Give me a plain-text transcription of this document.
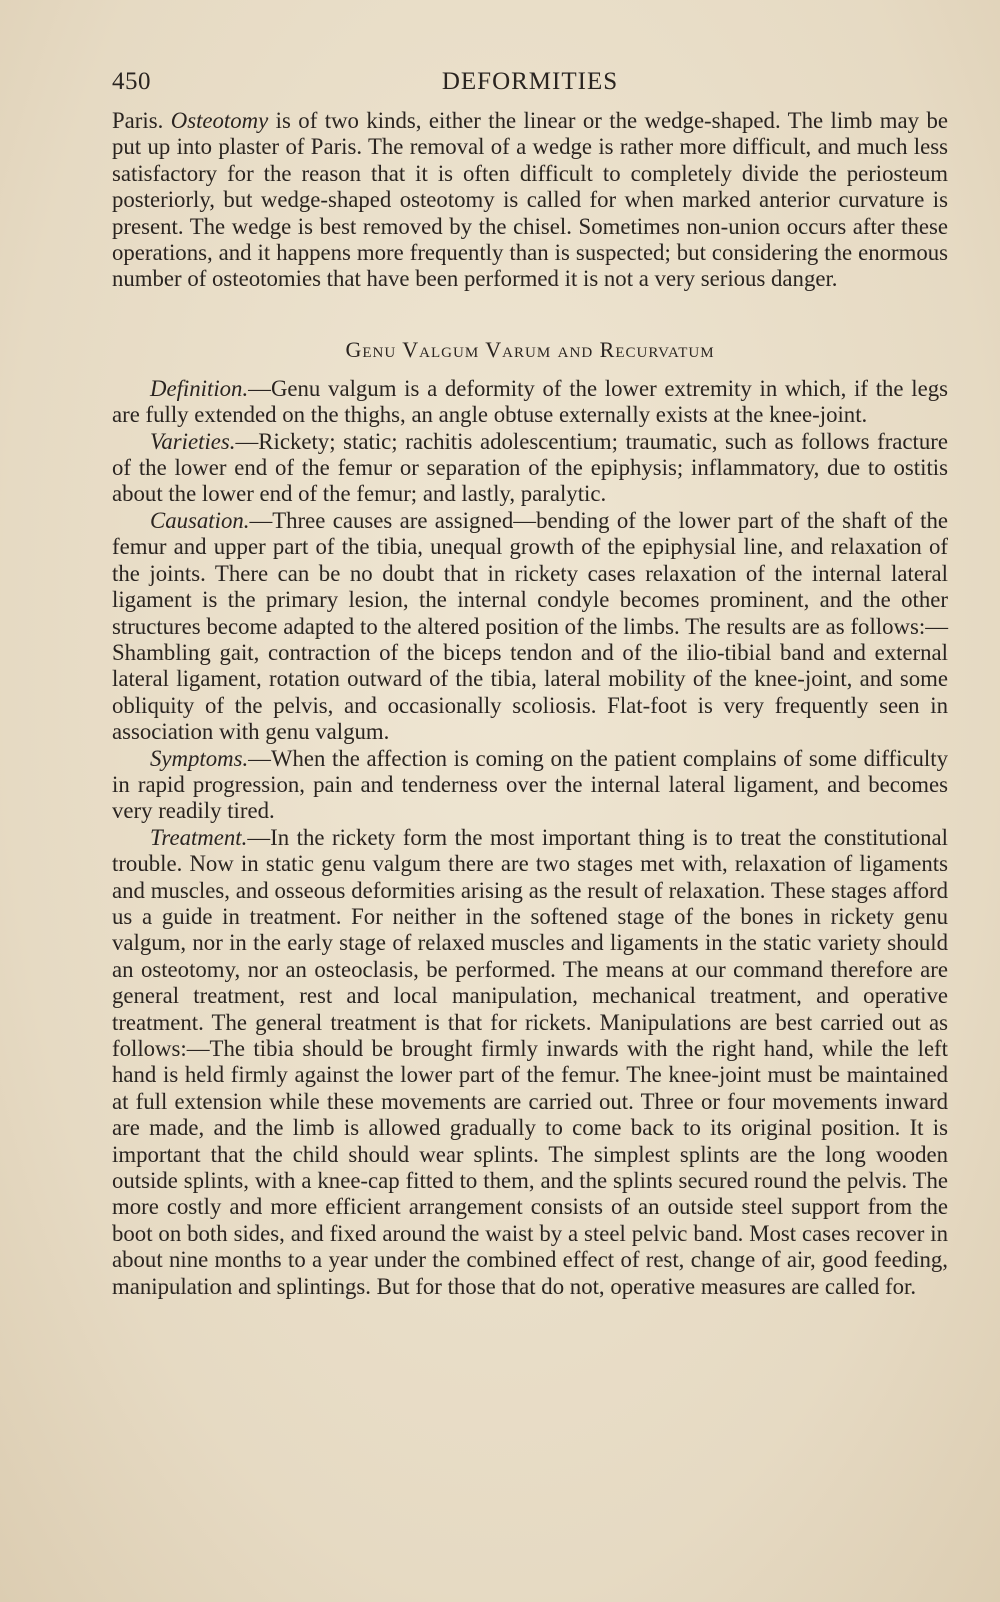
450	DEFORMITIES

Paris. Osteotomy is of two kinds, either the linear or the wedge-shaped. The limb may be put up into plaster of Paris. The removal of a wedge is rather more difficult, and much less satisfactory for the reason that it is often difficult to completely divide the periosteum posteriorly, but wedge-shaped osteotomy is called for when marked anterior curvature is present. The wedge is best removed by the chisel. Sometimes non-union occurs after these operations, and it happens more frequently than is suspected; but considering the enormous number of osteotomies that have been performed it is not a very serious danger.

Genu Valgum Varum and Recurvatum

Definition.—Genu valgum is a deformity of the lower extremity in which, if the legs are fully extended on the thighs, an angle obtuse externally exists at the knee-joint.

Varieties.—Rickety; static; rachitis adolescentium; traumatic, such as follows fracture of the lower end of the femur or separation of the epiphysis; inflammatory, due to ostitis about the lower end of the femur; and lastly, paralytic.

Causation.—Three causes are assigned—bending of the lower part of the shaft of the femur and upper part of the tibia, unequal growth of the epiphysial line, and relaxation of the joints. There can be no doubt that in rickety cases relaxation of the internal lateral ligament is the primary lesion, the internal condyle becomes prominent, and the other structures become adapted to the altered position of the limbs. The results are as follows:—Shambling gait, contraction of the biceps tendon and of the ilio-tibial band and external lateral ligament, rotation outward of the tibia, lateral mobility of the knee-joint, and some obliquity of the pelvis, and occasionally scoliosis. Flat-foot is very frequently seen in association with genu valgum.

Symptoms.—When the affection is coming on the patient complains of some difficulty in rapid progression, pain and tenderness over the internal lateral ligament, and becomes very readily tired.

Treatment.—In the rickety form the most important thing is to treat the constitutional trouble. Now in static genu valgum there are two stages met with, relaxation of ligaments and muscles, and osseous deformities arising as the result of relaxation. These stages afford us a guide in treatment. For neither in the softened stage of the bones in rickety genu valgum, nor in the early stage of relaxed muscles and ligaments in the static variety should an osteotomy, nor an osteoclasis, be performed. The means at our command therefore are general treatment, rest and local manipulation, mechanical treatment, and operative treatment. The general treatment is that for rickets. Manipulations are best carried out as follows:—The tibia should be brought firmly inwards with the right hand, while the left hand is held firmly against the lower part of the femur. The knee-joint must be maintained at full extension while these movements are carried out. Three or four movements inward are made, and the limb is allowed gradually to come back to its original position. It is important that the child should wear splints. The simplest splints are the long wooden outside splints, with a knee-cap fitted to them, and the splints secured round the pelvis. The more costly and more efficient arrangement consists of an outside steel support from the boot on both sides, and fixed around the waist by a steel pelvic band. Most cases recover in about nine months to a year under the combined effect of rest, change of air, good feeding, manipulation and splintings. But for those that do not, operative measures are called for.
